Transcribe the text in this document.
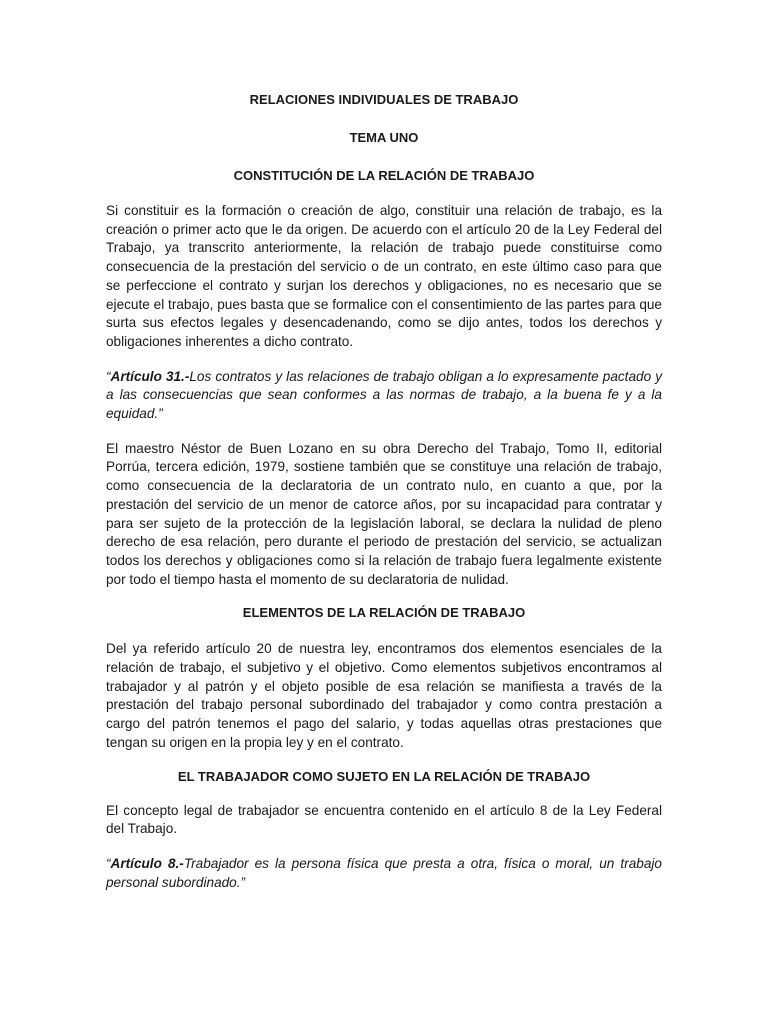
RELACIONES INDIVIDUALES DE TRABAJO

TEMA UNO

CONSTITUCIÓN DE LA RELACIÓN DE TRABAJO

Si constituir es la formación o creación de algo, constituir una relación de trabajo, es la creación o primer acto que le da origen. De acuerdo con el artículo 20 de la Ley Federal del Trabajo, ya transcrito anteriormente, la relación de trabajo puede constituirse como consecuencia de la prestación del servicio o de un contrato, en este último caso para que se perfeccione el contrato y surjan los derechos y obligaciones, no es necesario que se ejecute el trabajo, pues basta que se formalice con el consentimiento de las partes para que surta sus efectos legales y desencadenando, como se dijo antes, todos los derechos y obligaciones inherentes a dicho contrato.

“Artículo 31.-Los contratos y las relaciones de trabajo obligan a lo expresamente pactado y a las consecuencias que sean conformes a las normas de trabajo, a la buena fe y a la equidad.”

El maestro Néstor de Buen Lozano en su obra Derecho del Trabajo, Tomo II, editorial Porrúa, tercera edición, 1979, sostiene también que se constituye una relación de trabajo, como consecuencia de la declaratoria de un contrato nulo, en cuanto a que, por la prestación del servicio de un menor de catorce años, por su incapacidad para contratar y para ser sujeto de la protección de la legislación laboral, se declara la nulidad de pleno derecho de esa relación, pero durante el periodo de prestación del servicio, se actualizan todos los derechos y obligaciones como si la relación de trabajo fuera legalmente existente por todo el tiempo hasta el momento de su declaratoria de nulidad.

ELEMENTOS DE LA RELACIÓN DE TRABAJO

Del ya referido artículo 20 de nuestra ley, encontramos dos elementos esenciales de la relación de trabajo, el subjetivo y el objetivo. Como elementos subjetivos encontramos al trabajador y al patrón y el objeto posible de esa relación se manifiesta a través de la prestación del trabajo personal subordinado del trabajador y como contra prestación a cargo del patrón tenemos el pago del salario, y todas aquellas otras prestaciones que tengan su origen en la propia ley y en el contrato.

EL TRABAJADOR COMO SUJETO EN LA RELACIÓN DE TRABAJO

El concepto legal de trabajador se encuentra contenido en el artículo 8 de la Ley Federal del Trabajo.

“Artículo 8.-Trabajador es la persona física que presta a otra, física o moral, un trabajo personal subordinado.”
